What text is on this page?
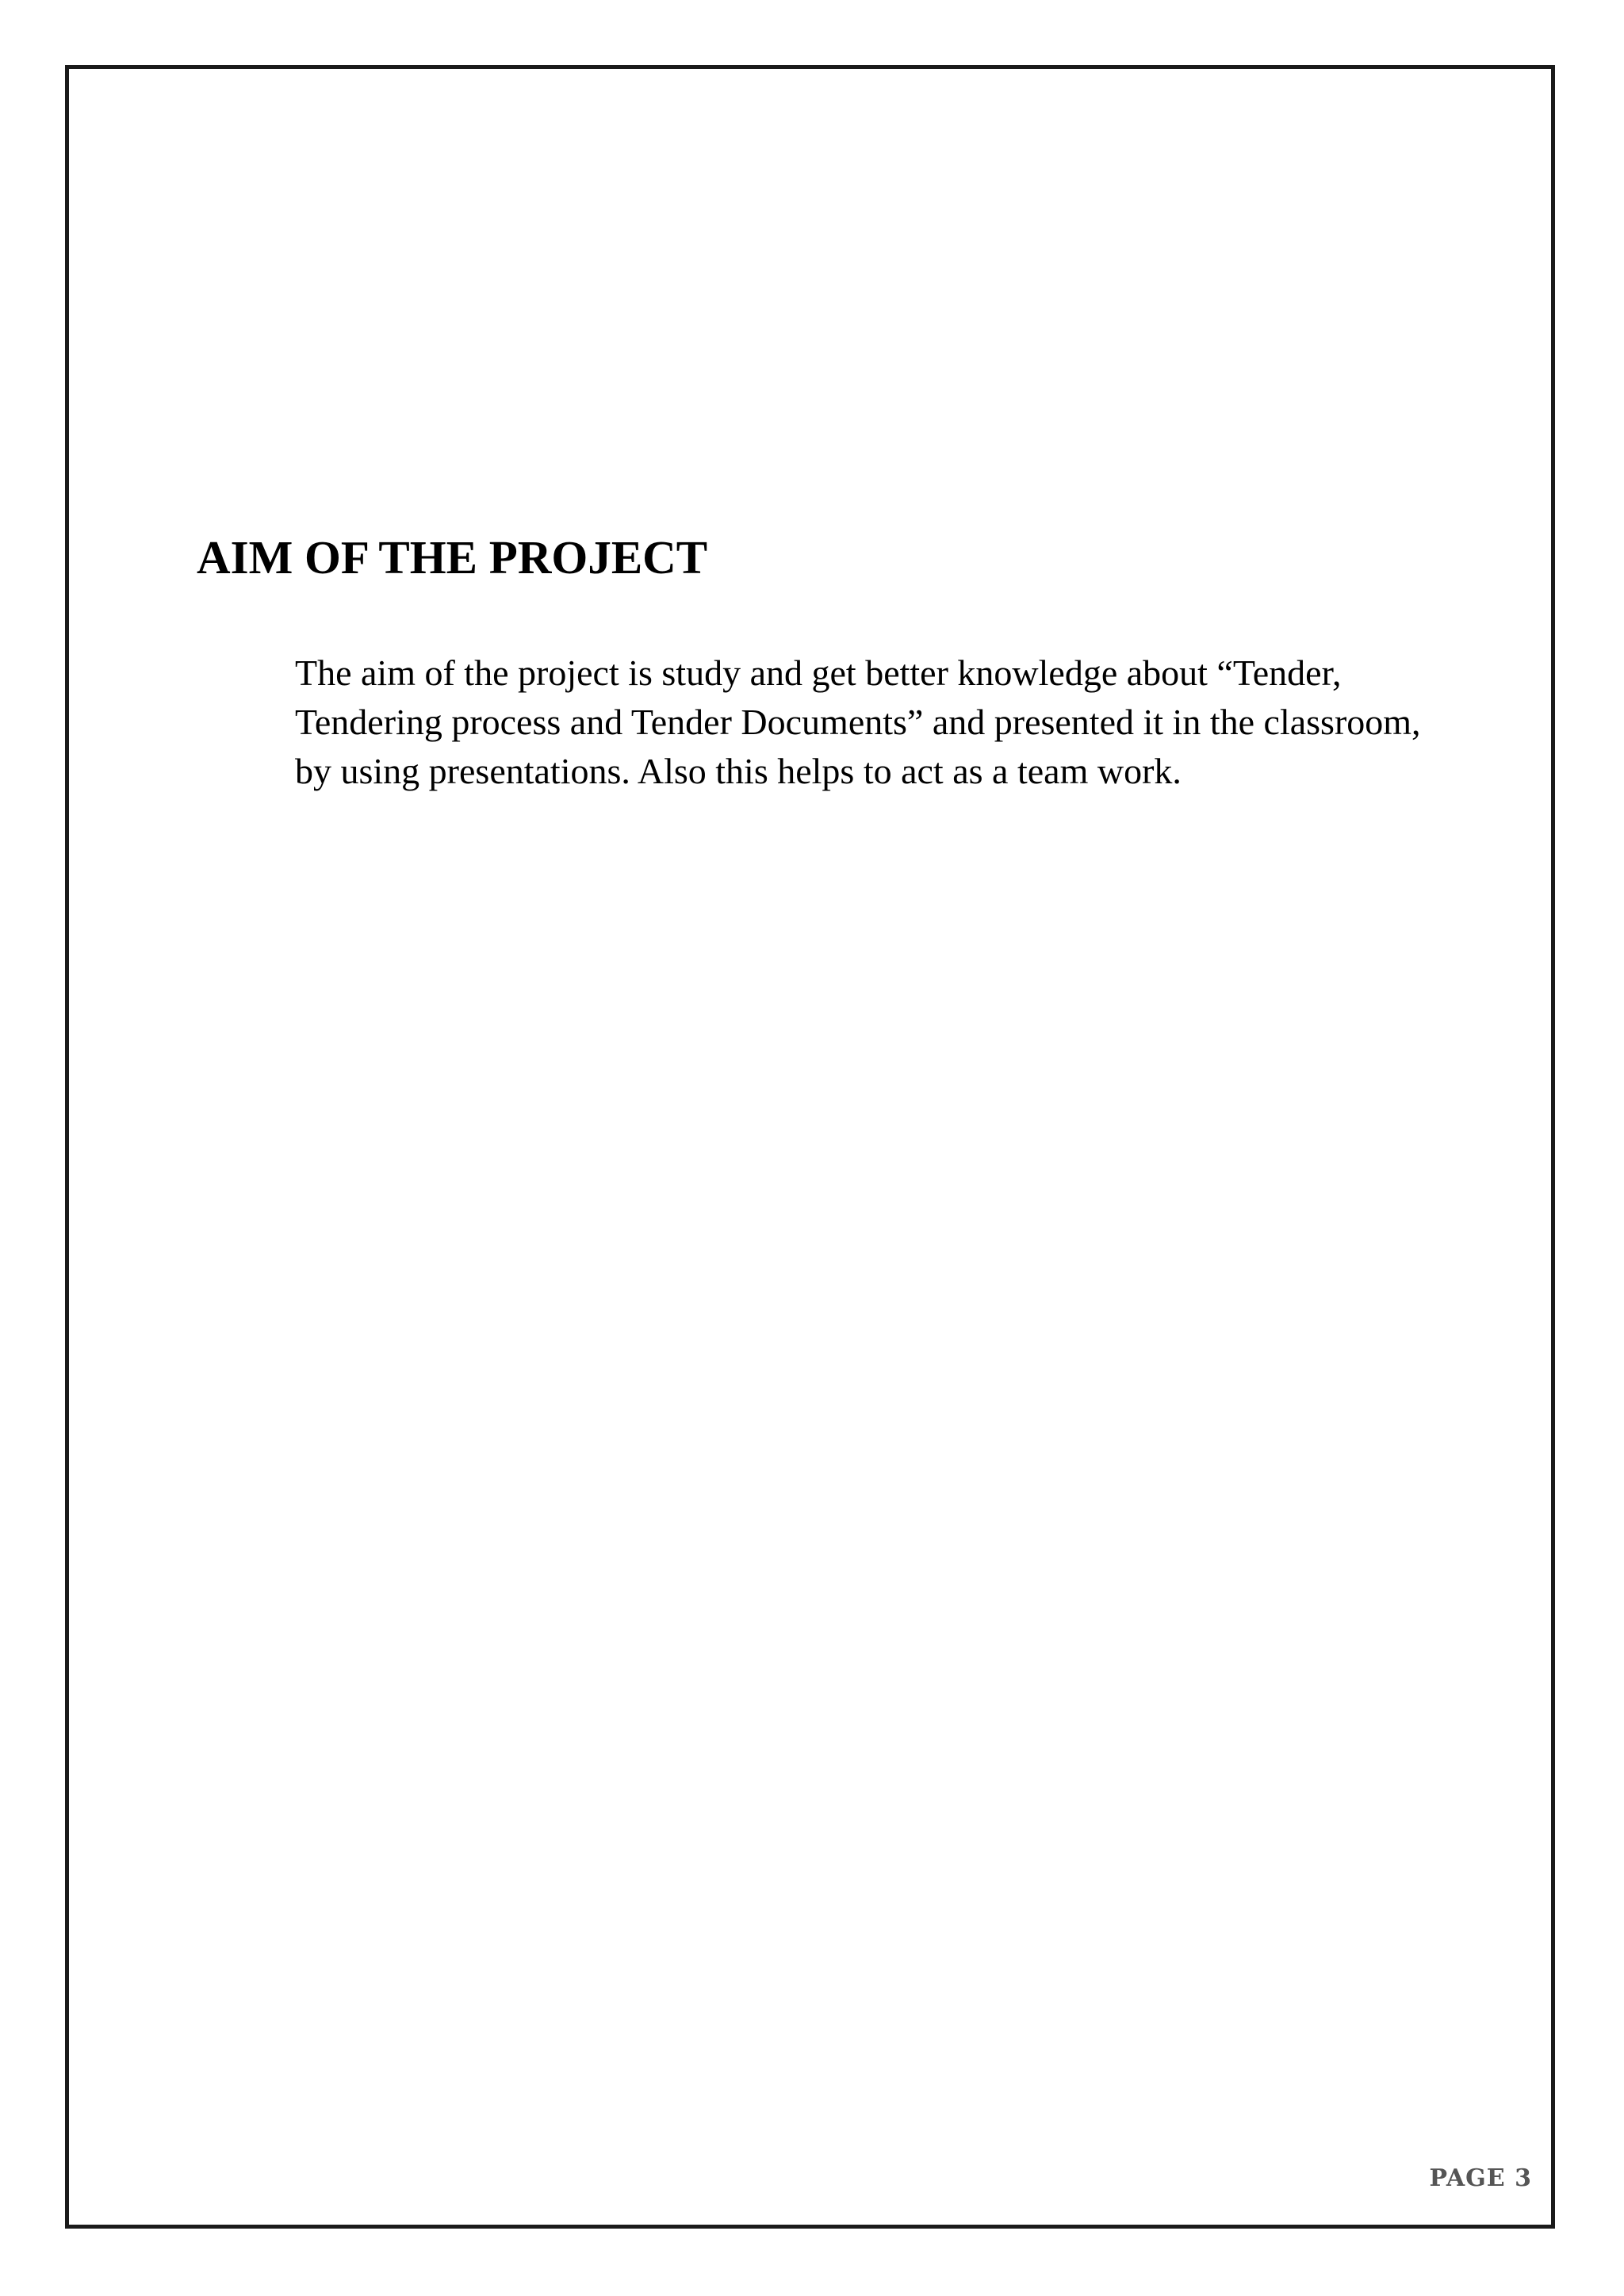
AIM OF THE PROJECT

The aim of the project is study and get better knowledge about “Tender,
Tendering process and Tender Documents” and presented it in the classroom,
by using presentations. Also this helps to act as a team work.

PAGE 3
